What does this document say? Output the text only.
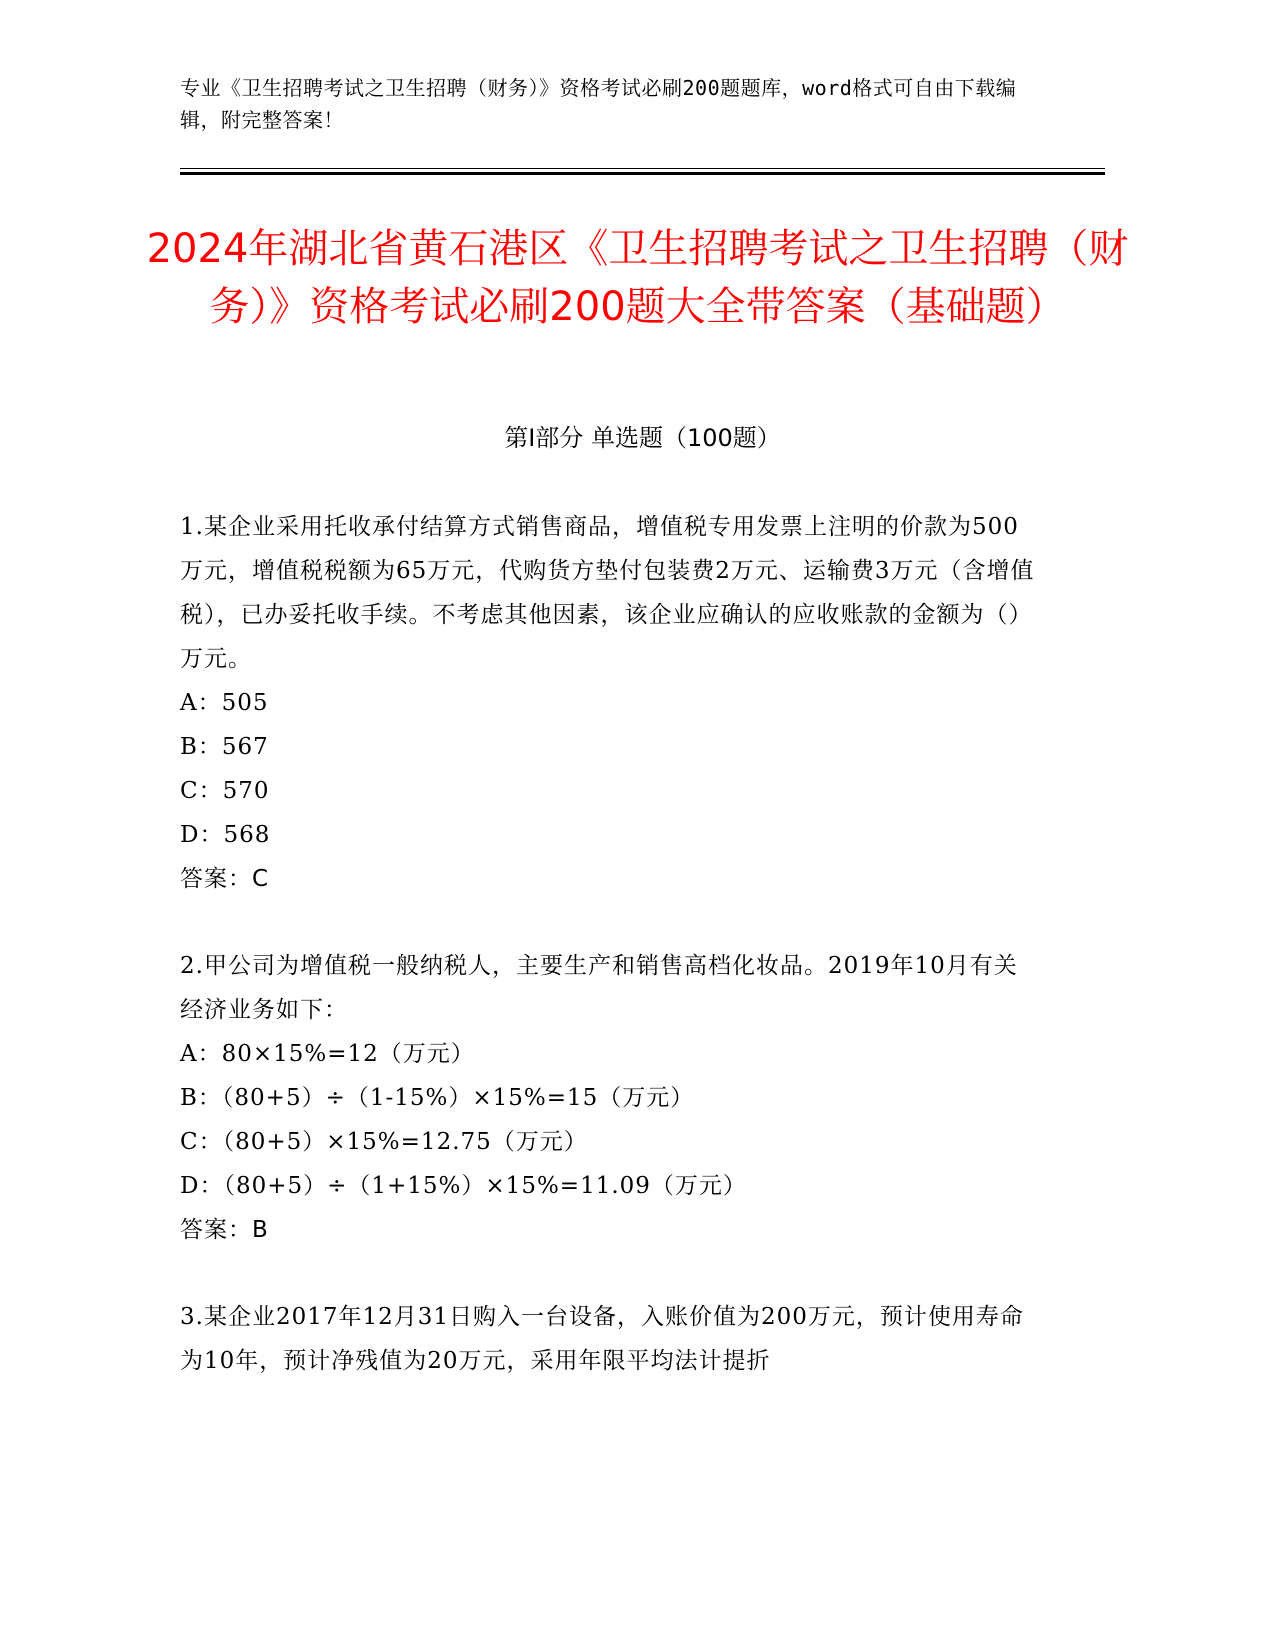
专业《卫生招聘考试之卫生招聘（财务）》资格考试必刷200题题库，word格式可自由下载编辑，附完整答案！
2024年湖北省黄石港区《卫生招聘考试之卫生招聘（财务）》资格考试必刷200题大全带答案（基础题）
第I部分 单选题（100题）
1.某企业采用托收承付结算方式销售商品，增值税专用发票上注明的价款为500万元，增值税税额为65万元，代购货方垫付包装费2万元、运输费3万元（含增值税），已办妥托收手续。不考虑其他因素，该企业应确认的应收账款的金额为（）万元。
A：505
B：567
C：570
D：568
答案：C
2.甲公司为增值税一般纳税人，主要生产和销售高档化妆品。2019年10月有关经济业务如下：
A：80×15%=12（万元）
B：（80+5）÷（1-15%）×15%=15（万元）
C：（80+5）×15%=12.75（万元）
D：（80+5）÷（1+15%）×15%=11.09（万元）
答案：B
3.某企业2017年12月31日购入一台设备，入账价值为200万元，预计使用寿命为10年，预计净残值为20万元，采用年限平均法计提折
